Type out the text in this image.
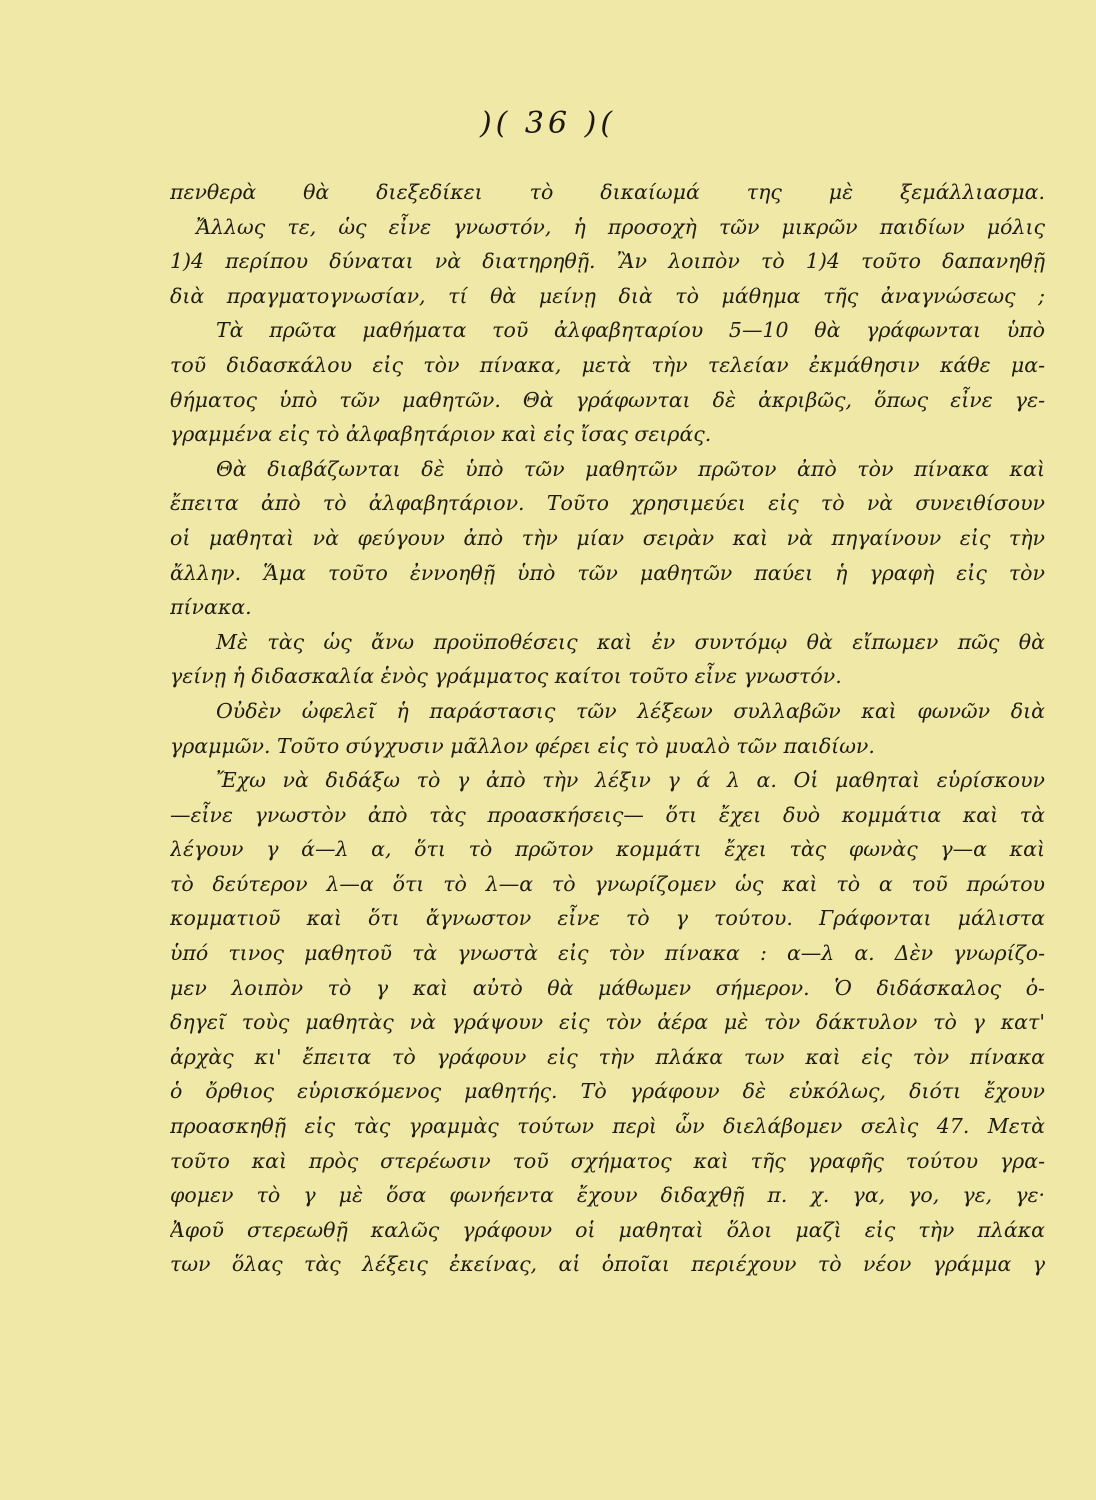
)( 36 )(
πενθερὰ θὰ διεξεδίκει τὸ δικαίωμά της μὲ ξεμάλλιασμα.
Ἄλλως τε, ὡς εἶνε γνωστόν, ἡ προσοχὴ τῶν μικρῶν παιδίων μόλις
1)4 περίπου δύναται νὰ διατηρηθῇ. Ἂν λοιπὸν τὸ 1)4 τοῦτο δαπανηθῇ
διὰ πραγματογνωσίαν, τί θὰ μείνῃ διὰ τὸ μάθημα τῆς ἀναγνώσεως ;
Τὰ πρῶτα μαθήματα τοῦ ἀλφαβηταρίου 5—10 θὰ γράφωνται ὑπὸ
τοῦ διδασκάλου εἰς τὸν πίνακα, μετὰ τὴν τελείαν ἐκμάθησιν κάθε μα-
θήματος ὑπὸ τῶν μαθητῶν. Θὰ γράφωνται δὲ ἀκριβῶς, ὅπως εἶνε γε-
γραμμένα εἰς τὸ ἀλφαβητάριον καὶ εἰς ἴσας σειράς.
Θὰ διαβάζωνται δὲ ὑπὸ τῶν μαθητῶν πρῶτον ἀπὸ τὸν πίνακα καὶ
ἔπειτα ἀπὸ τὸ ἀλφαβητάριον. Τοῦτο χρησιμεύει εἰς τὸ νὰ συνειθίσουν
οἱ μαθηταὶ νὰ φεύγουν ἀπὸ τὴν μίαν σειρὰν καὶ νὰ πηγαίνουν εἰς τὴν
ἄλλην. Ἅμα τοῦτο ἐννοηθῇ ὑπὸ τῶν μαθητῶν παύει ἡ γραφὴ εἰς τὸν
πίνακα.
Μὲ τὰς ὡς ἄνω προϋποθέσεις καὶ ἐν συντόμῳ θὰ εἴπωμεν πῶς θὰ
γείνῃ ἡ διδασκαλία ἑνὸς γράμματος καίτοι τοῦτο εἶνε γνωστόν.
Οὐδὲν ὠφελεῖ ἡ παράστασις τῶν λέξεων συλλαβῶν καὶ φωνῶν διὰ
γραμμῶν. Τοῦτο σύγχυσιν μᾶλλον φέρει εἰς τὸ μυαλὸ τῶν παιδίων.
Ἔχω νὰ διδάξω τὸ γ ἀπὸ τὴν λέξιν γ ά λ α. Οἱ μαθηταὶ εὑρίσκουν
—εἶνε γνωστὸν ἀπὸ τὰς προασκήσεις— ὅτι ἔχει δυὸ κομμάτια καὶ τὰ
λέγουν γ ά—λ α, ὅτι τὸ πρῶτον κομμάτι ἔχει τὰς φωνὰς γ—α καὶ
τὸ δεύτερον λ—α ὅτι τὸ λ—α τὸ γνωρίζομεν ὡς καὶ τὸ α τοῦ πρώτου
κομματιοῦ καὶ ὅτι ἄγνωστον εἶνε τὸ γ τούτου. Γράφονται μάλιστα
ὑπό τινος μαθητοῦ τὰ γνωστὰ εἰς τὸν πίνακα : α—λ α. Δὲν γνωρίζο-
μεν λοιπὸν τὸ γ καὶ αὐτὸ θὰ μάθωμεν σήμερον. Ὁ διδάσκαλος ὁ-
δηγεῖ τοὺς μαθητὰς νὰ γράψουν εἰς τὸν ἀέρα μὲ τὸν δάκτυλον τὸ γ κατ'
ἀρχὰς κι' ἔπειτα τὸ γράφουν εἰς τὴν πλάκα των καὶ εἰς τὸν πίνακα
ὁ ὄρθιος εὑρισκόμενος μαθητής. Τὸ γράφουν δὲ εὐκόλως, διότι ἔχουν
προασκηθῇ εἰς τὰς γραμμὰς τούτων περὶ ὧν διελάβομεν σελὶς 47. Μετὰ
τοῦτο καὶ πρὸς στερέωσιν τοῦ σχήματος καὶ τῆς γραφῆς τούτου γρα-
φομεν τὸ γ μὲ ὅσα φωνήεντα ἔχουν διδαχθῇ π. χ. γα, γο, γε, γε·
Ἀφοῦ στερεωθῇ καλῶς γράφουν οἱ μαθηταὶ ὅλοι μαζὶ εἰς τὴν πλάκα
των ὅλας τὰς λέξεις ἐκείνας, αἱ ὁποῖαι περιέχουν τὸ νέον γράμμα γ
